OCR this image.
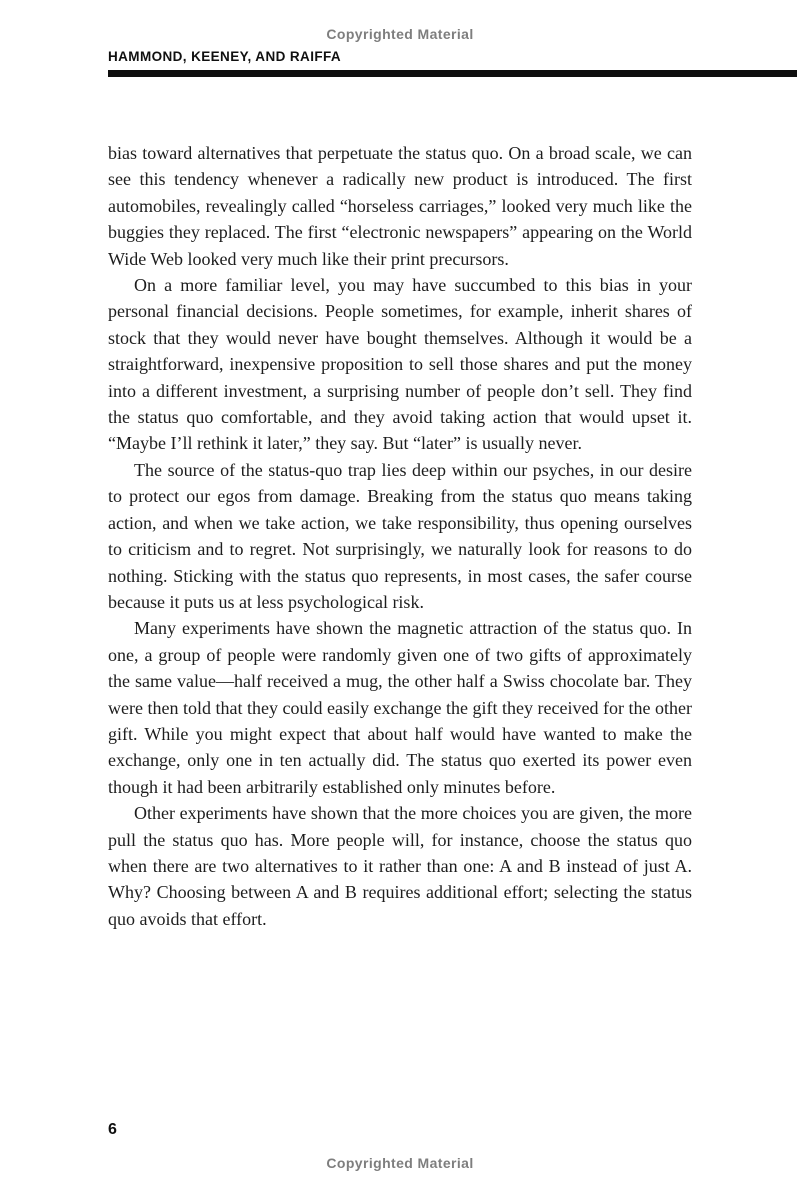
Copyrighted Material
HAMMOND, KEENEY, AND RAIFFA

bias toward alternatives that perpetuate the status quo. On a broad scale, we can see this tendency whenever a radically new product is introduced. The first automobiles, revealingly called “horseless carriages,” looked very much like the buggies they replaced. The first “electronic newspapers” appearing on the World Wide Web looked very much like their print precursors.

On a more familiar level, you may have succumbed to this bias in your personal financial decisions. People sometimes, for example, inherit shares of stock that they would never have bought themselves. Although it would be a straightforward, inexpensive proposition to sell those shares and put the money into a different investment, a surprising number of people don’t sell. They find the status quo comfortable, and they avoid taking action that would upset it. “Maybe I’ll rethink it later,” they say. But “later” is usually never.

The source of the status-quo trap lies deep within our psyches, in our desire to protect our egos from damage. Breaking from the status quo means taking action, and when we take action, we take responsibility, thus opening ourselves to criticism and to regret. Not surprisingly, we naturally look for reasons to do nothing. Sticking with the status quo represents, in most cases, the safer course because it puts us at less psychological risk.

Many experiments have shown the magnetic attraction of the status quo. In one, a group of people were randomly given one of two gifts of approximately the same value—half received a mug, the other half a Swiss chocolate bar. They were then told that they could easily exchange the gift they received for the other gift. While you might expect that about half would have wanted to make the exchange, only one in ten actually did. The status quo exerted its power even though it had been arbitrarily established only minutes before.

Other experiments have shown that the more choices you are given, the more pull the status quo has. More people will, for instance, choose the status quo when there are two alternatives to it rather than one: A and B instead of just A. Why? Choosing between A and B requires additional effort; selecting the status quo avoids that effort.

6
Copyrighted Material
